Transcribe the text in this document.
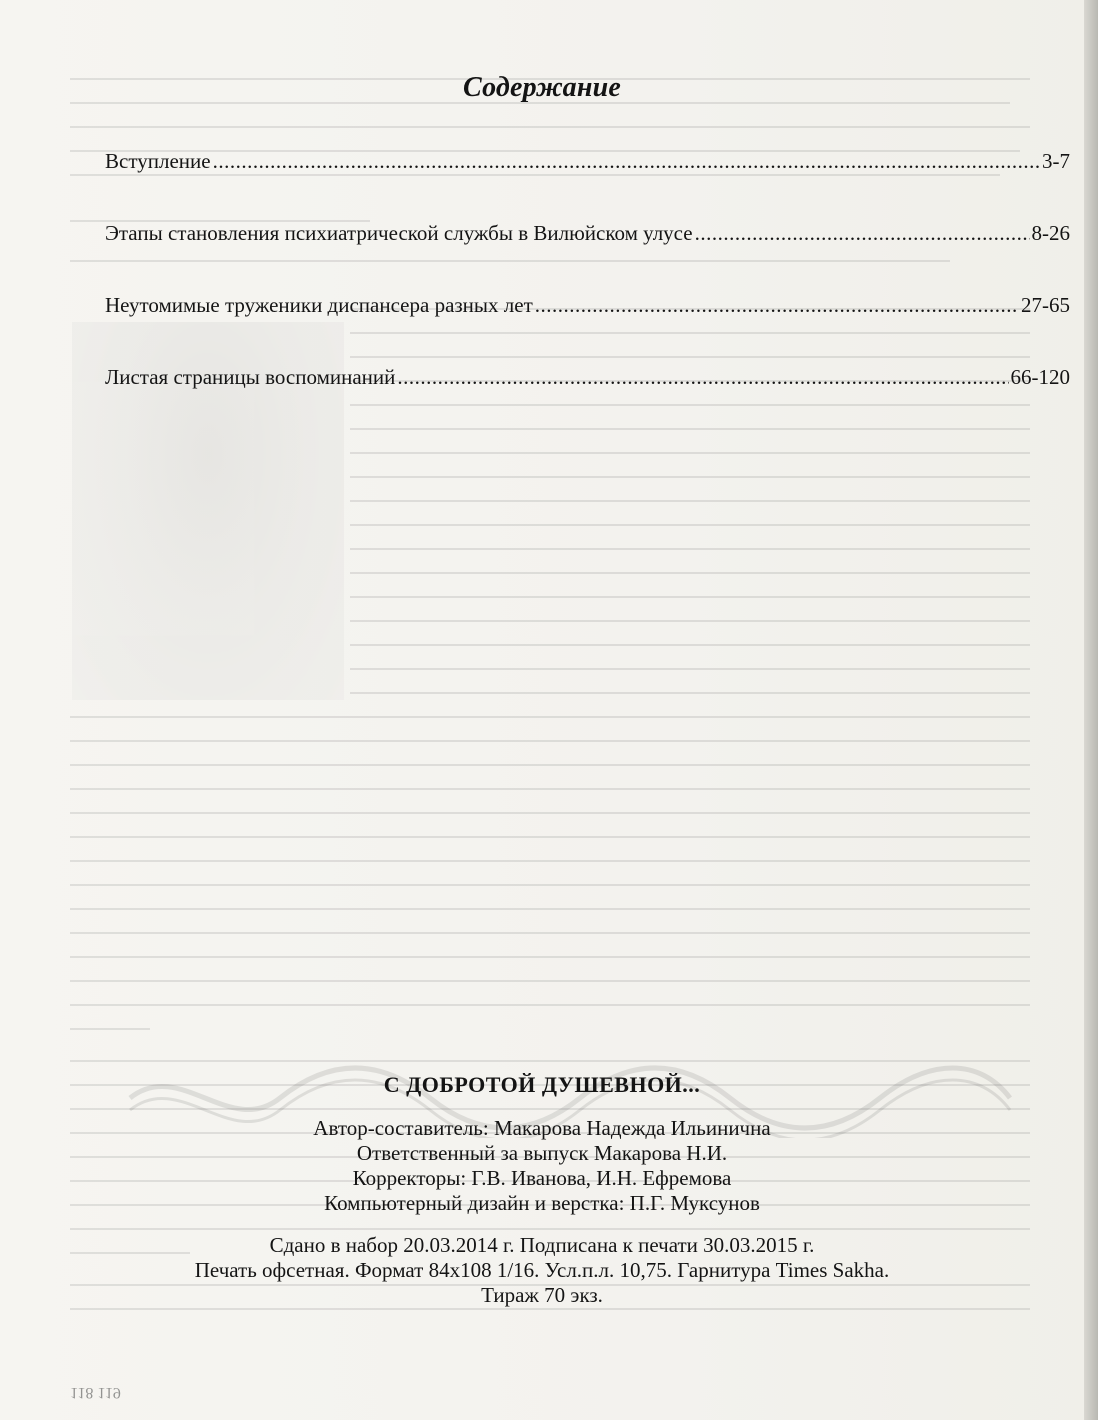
Содержание
Вступление .....	3-7
Этапы становления психиатрической службы в Вилюйском улусе .....	8-26
Неутомимые труженики диспансера разных лет .....	27-65
Листая страницы воспоминаний .....	66-120
С ДОБРОТОЙ ДУШЕВНОЙ...
Автор-составитель: Макарова Надежда Ильинична
Ответственный за выпуск Макарова Н.И.
Корректоры: Г.В. Иванова, И.Н. Ефремова
Компьютерный дизайн и верстка: П.Г. Муксунов
Сдано в набор 20.03.2014 г. Подписана к печати 30.03.2015 г.
Печать офсетная. Формат 84х108 1/16. Усл.п.л. 10,75. Гарнитура Times Sakha.
Тираж 70 экз.
118 119
